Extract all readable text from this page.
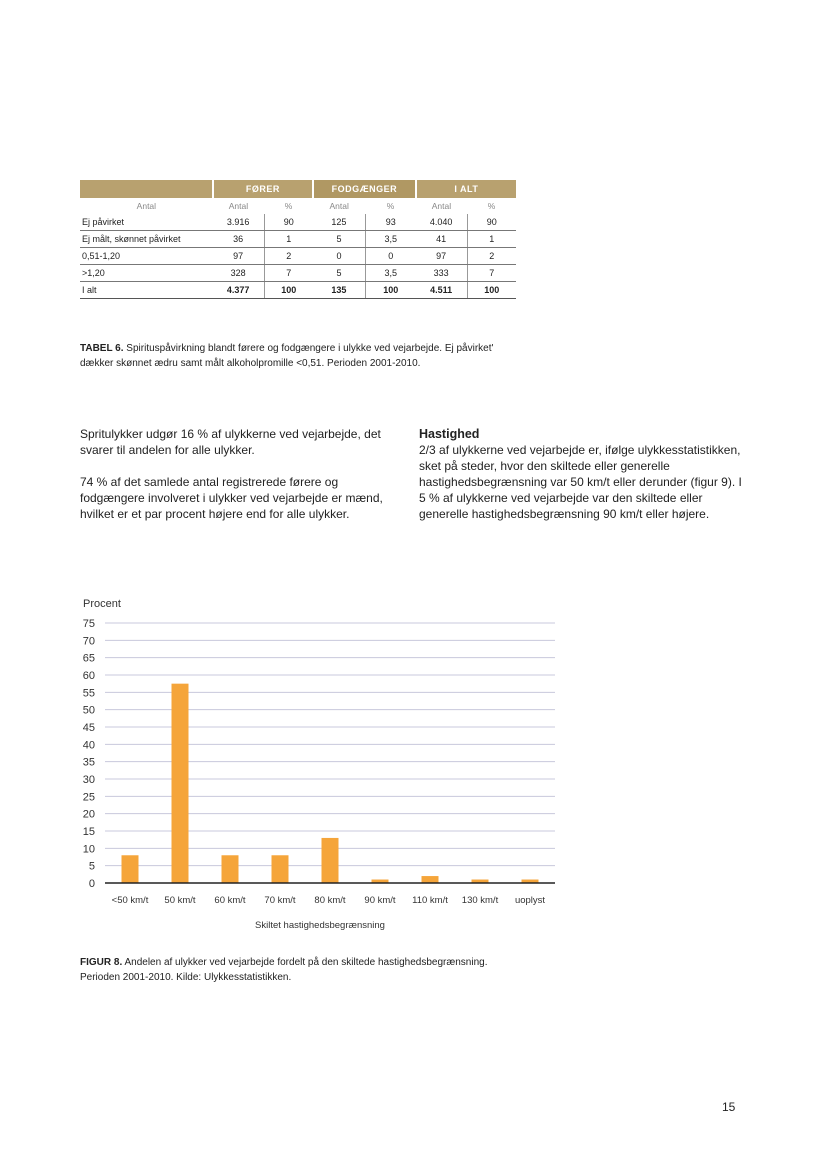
	FØRER		FODGÆNGER		I ALT	
Antal	Antal	%	Antal	%	Antal	%
Ej påvirket	3.916	90	125	93	4.040	90
Ej målt, skønnet påvirket	36	1	5	3,5	41	1
0,51-1,20	97	2	0	0	97	2
>1,20	328	7	5	3,5	333	7
I alt	4.377	100	135	100	4.511	100
TABEL 6. Spirituspåvirkning blandt førere og fodgængere i ulykke ved vejarbejde. Ej påvirket' dækker skønnet ædru samt målt alkoholpromille <0,51. Perioden 2001-2010.

Spritulykker udgør 16 % af ulykkerne ved vejarbejde, det svarer til andelen for alle ulykker.

74 % af det samlede antal registrerede førere og fodgængere involveret i ulykker ved vejarbejde er mænd, hvilket er et par procent højere end for alle ulykker.

Hastighed

2/3 af ulykkerne ved vejarbejde er, ifølge ulykkesstatistikken, sket på steder, hvor den skiltede eller generelle hastighedsbegrænsning var 50 km/t eller derunder (figur 9). I 5 % af ulykkerne ved vejarbejde var den skiltede eller generelle hastighedsbegrænsning 90 km/t eller højere.

Procent
0
5
10
15
20
25
30
35
40
45
50
55
60
65
70
75
<50 km/t 50 km/t 60 km/t 70 km/t 80 km/t 90 km/t 110 km/t 130 km/t uoplyst
Skiltet hastighedsbegrænsning
FIGUR 8. Andelen af ulykker ved vejarbejde fordelt på den skiltede hastighedsbegrænsning. Perioden 2001-2010. Kilde: Ulykkesstatistikken.
15
